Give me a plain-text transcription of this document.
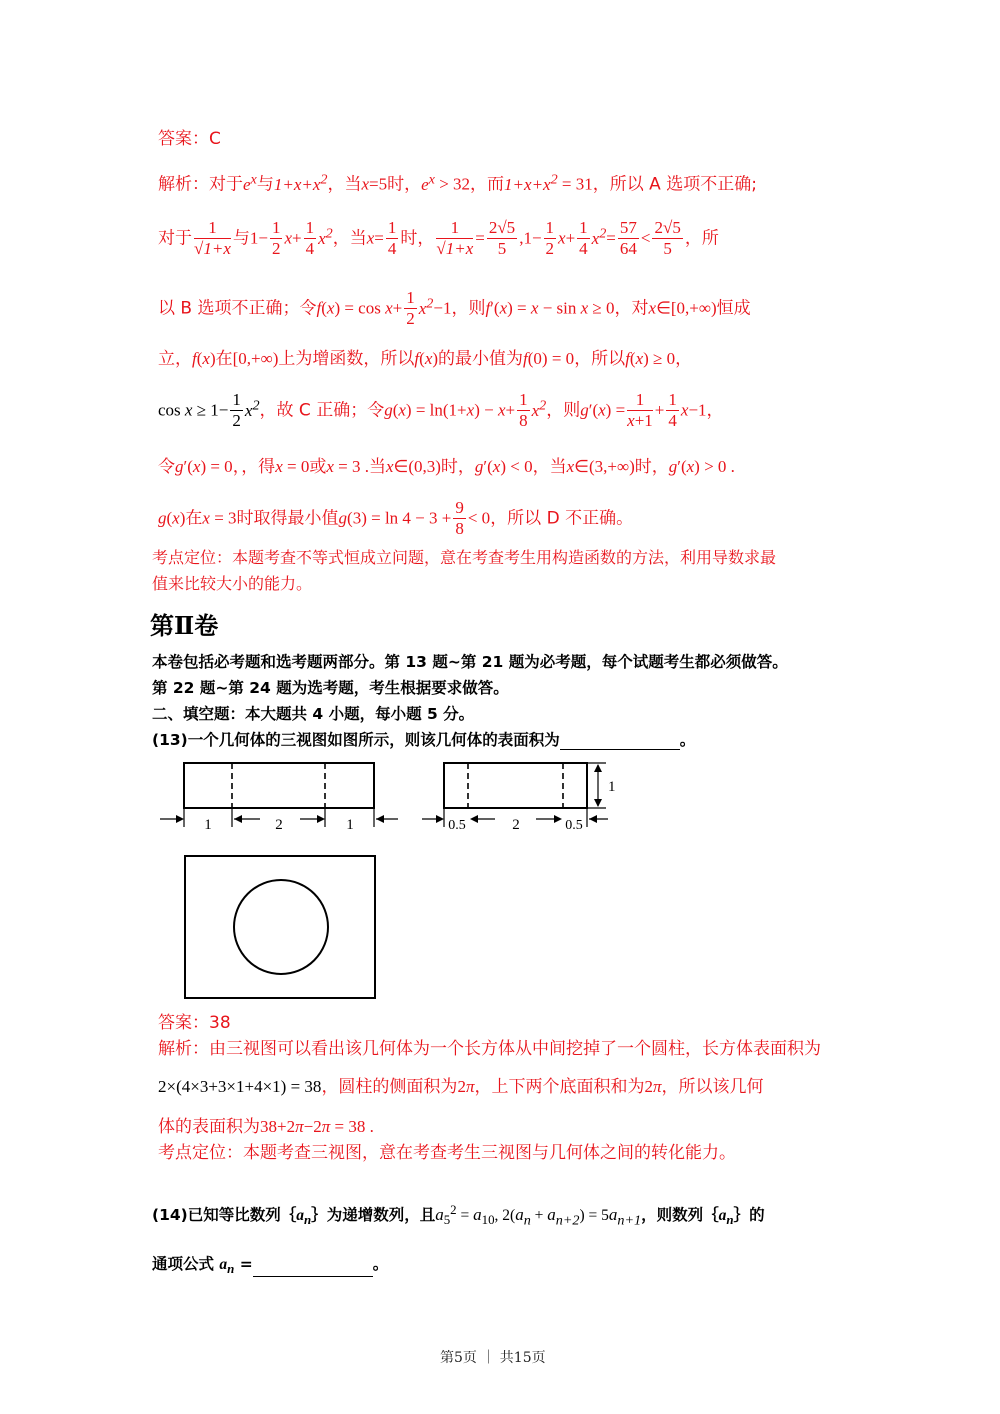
答案：C
解析：对于$e^x$与$1+x+x^2$，当x=5时，$e^x > 32$，而$1+x+x^2 = 31$，所以 A 选项不正确;
对于 $\frac{1}{√1+x}$ 与$1- \frac{1}{2} x+ \frac{1}{4} x^2$，当$x= \frac{1}{4}$ 时， $\frac{1}{√1+x} = \frac{2√5}{5} ,1- \frac{1}{2} x+ \frac{1}{4} x^2= \frac{57}{64} < \frac{2√5}{5}$ ，所
以 B 选项不正确；令$f(x) = \cos x+ \frac{1}{2} x^2-1$，则f′(x) = x − sin x ≥ 0，对x∈[0,+∞)恒成
立，f(x)在[0,+∞)上为增函数，所以f(x)的最小值为f(0) = 0，所以f(x) ≥ 0，
$\cos x \ge 1- \frac{1}{2} x^2$，故 C 正确；令$g(x) = \ln(1+x) - x+ \frac{1}{8} x^2$，则$g'(x) = \frac{1}{x+1} + \frac{1}{4} x-1$，
令g′(x) = 0，，得x = 0或x = 3 .当x∈(0,3)时，g′(x) < 0，当x∈(3,+∞)时，g′(x) > 0 .
g(x)在x = 3时取得最小值$g(3) = \ln 4 - 3 + \frac{9}{8} < 0$，所以 D 不正确。
考点定位：本题考查不等式恒成立问题，意在考查考生用构造函数的方法，利用导数求最
值来比较大小的能力。
第Ⅱ卷
本卷包括必考题和选考题两部分。第 13 题~第 21 题为必考题，每个试题考生都必须做答。
第 22 题~第 24 题为选考题，考生根据要求做答。
二、填空题：本大题共 4 小题，每小题 5 分。
(13)一个几何体的三视图如图所示，则该几何体的表面积为	。
1	2	1	0.5	2	0.5
1
答案：38
解析：由三视图可以看出该几何体为一个长方体从中间挖掉了一个圆柱，长方体表面积为
2×(4×3+3×1+4×1) = 38，圆柱的侧面积为2π，上下两个底面积和为2π，所以该几何
体的表面积为38+2π−2π = 38 .
考点定位：本题考查三视图，意在考查考生三视图与几何体之间的转化能力。
(14)已知等比数列$\{a_n\}$为递增数列，且$a_5^2 = a_{10}$, $2(a_n + a_{n+2}) = 5a_{n+1}$，则数列$\{a_n\}$的
通项公式 $a_n$ =	。
第5页 ｜ 共15页
